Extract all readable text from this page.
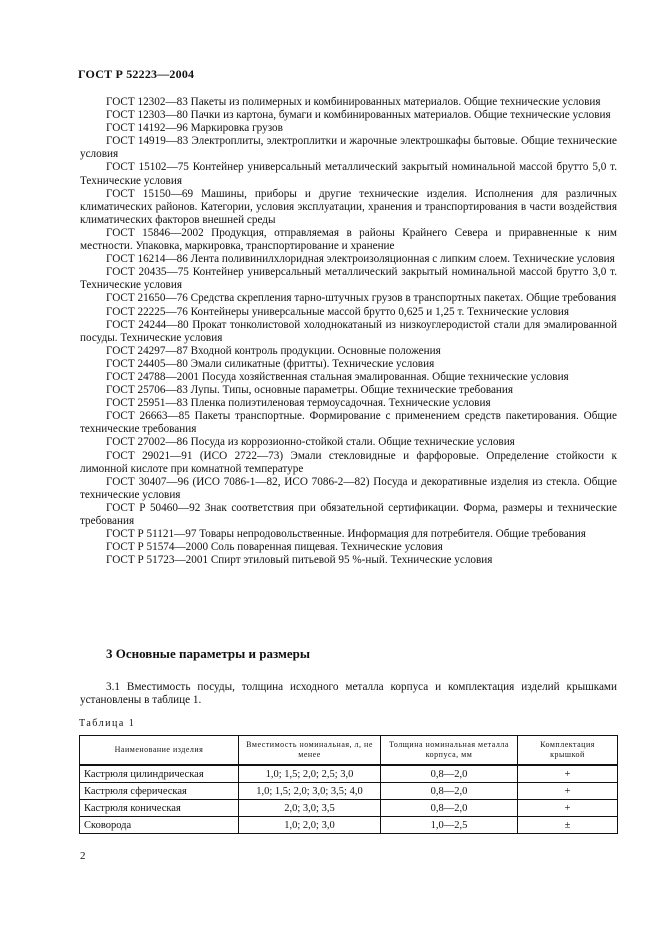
ГОСТ Р 52223—2004

ГОСТ 12302—83 Пакеты из полимерных и комбинированных материалов. Общие технические условия

ГОСТ 12303—80 Пачки из картона, бумаги и комбинированных материалов. Общие технические условия

ГОСТ 14192—96 Маркировка грузов

ГОСТ 14919—83 Электроплиты, электроплитки и жарочные электрошкафы бытовые. Общие технические условия

ГОСТ 15102—75 Контейнер универсальный металлический закрытый номинальной массой брутто 5,0 т. Технические условия

ГОСТ 15150—69 Машины, приборы и другие технические изделия. Исполнения для различных климатических районов. Категории, условия эксплуатации, хранения и транспортирования в части воздействия климатических факторов внешней среды

ГОСТ 15846—2002 Продукция, отправляемая в районы Крайнего Севера и приравненные к ним местности. Упаковка, маркировка, транспортирование и хранение

ГОСТ 16214—86 Лента поливинилхлоридная электроизоляционная с липким слоем. Технические условия

ГОСТ 20435—75 Контейнер универсальный металлический закрытый номинальной массой брутто 3,0 т. Технические условия

ГОСТ 21650—76 Средства скрепления тарно-штучных грузов в транспортных пакетах. Общие требования

ГОСТ 22225—76 Контейнеры универсальные массой брутто 0,625 и 1,25 т. Технические условия

ГОСТ 24244—80 Прокат тонколистовой холоднокатаный из низкоуглеродистой стали для эмалированной посуды. Технические условия

ГОСТ 24297—87 Входной контроль продукции. Основные положения

ГОСТ 24405—80 Эмали силикатные (фритты). Технические условия

ГОСТ 24788—2001 Посуда хозяйственная стальная эмалированная. Общие технические условия

ГОСТ 25706—83 Лупы. Типы, основные параметры. Общие технические требования

ГОСТ 25951—83 Пленка полиэтиленовая термоусадочная. Технические условия

ГОСТ 26663—85 Пакеты транспортные. Формирование с применением средств пакетирования. Общие технические требования

ГОСТ 27002—86 Посуда из коррозионно-стойкой стали. Общие технические условия

ГОСТ 29021—91 (ИСО 2722—73) Эмали стекловидные и фарфоровые. Определение стойкости к лимонной кислоте при комнатной температуре

ГОСТ 30407—96 (ИСО 7086-1—82, ИСО 7086-2—82) Посуда и декоративные изделия из стекла. Общие технические условия

ГОСТ Р 50460—92 Знак соответствия при обязательной сертификации. Форма, размеры и технические требования

ГОСТ Р 51121—97 Товары непродовольственные. Информация для потребителя. Общие требования

ГОСТ Р 51574—2000 Соль поваренная пищевая. Технические условия

ГОСТ Р 51723—2001 Спирт этиловый питьевой 95 %-ный. Технические условия

3 Основные параметры и размеры

3.1 Вместимость посуды, толщина исходного металла корпуса и комплектация изделий крышками установлены в таблице 1.

Таблица 1
Наименование изделия	Вместимость номинальная, л, не менее	Толщина номинальная металла корпуса, мм	Комплектация крышкой
Кастрюля цилиндрическая	1,0; 1,5; 2,0; 2,5; 3,0	0,8—2,0	+
Кастрюля сферическая	1,0; 1,5; 2,0; 3,0; 3,5; 4,0	0,8—2,0	+
Кастрюля коническая	2,0; 3,0; 3,5	0,8—2,0	+
Сковорода	1,0; 2,0; 3,0	1,0—2,5	±
2
